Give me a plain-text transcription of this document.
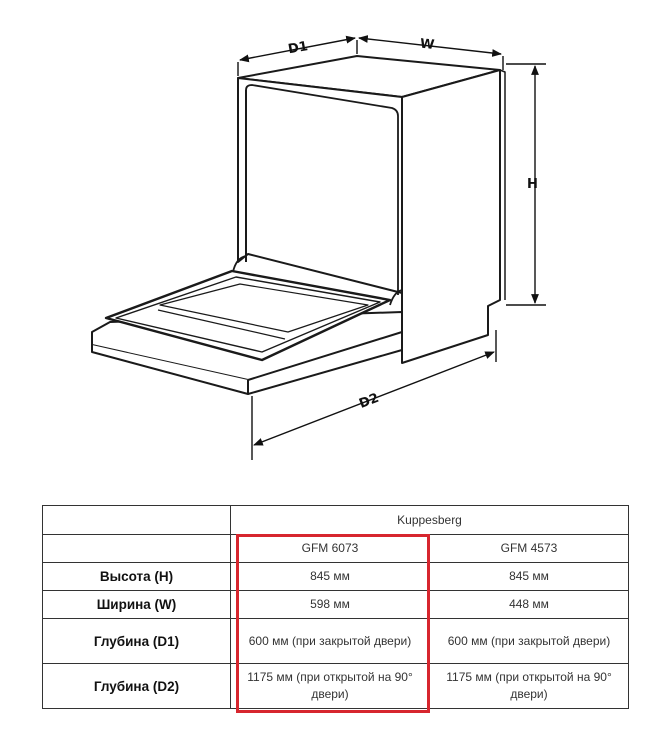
D1	W
H
D2
	Kuppesberg	
	GFM 6073	GFM 4573
Высота (H)	845 мм	845 мм
Ширина (W)	598 мм	448 мм
Глубина (D1)	600 мм (при закрытой двери)	600 мм (при закрытой двери)
Глубина (D2)	1175 мм (при открытой на 90° двери)	1175 мм (при открытой на 90° двери)
